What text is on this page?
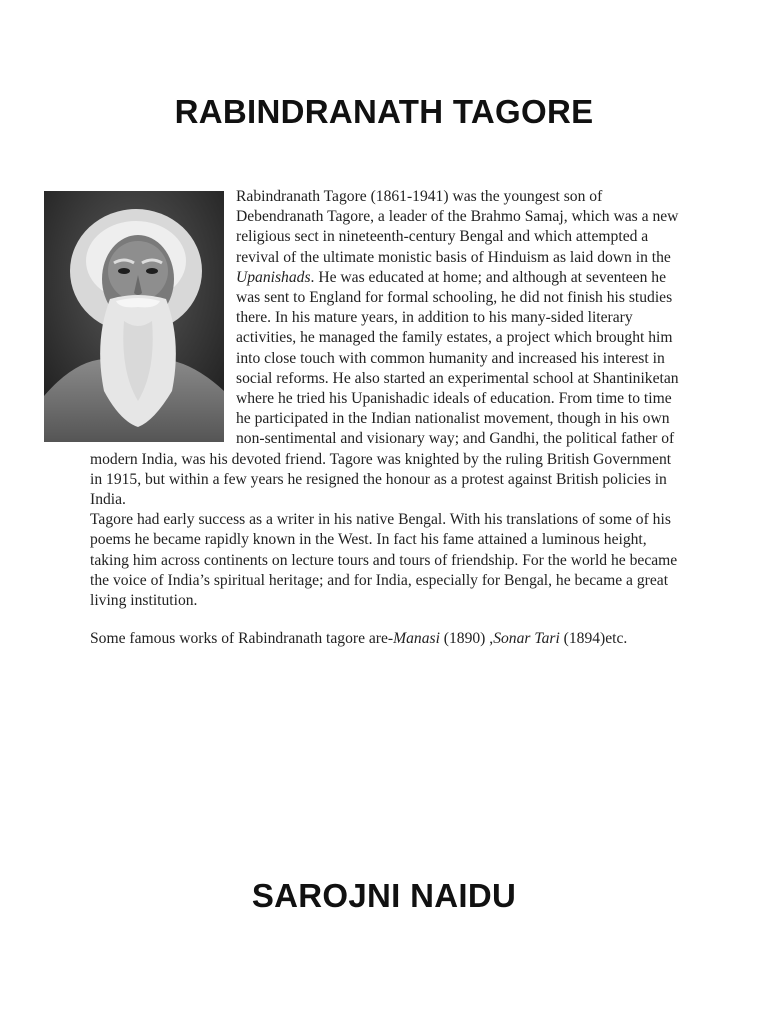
RABINDRANATH TAGORE

Rabindranath Tagore (1861-1941) was the youngest son of Debendranath Tagore, a leader of the Brahmo Samaj, which was a new religious sect in nineteenth-century Bengal and which attempted a revival of the ultimate monistic basis of Hinduism as laid down in the Upanishads. He was educated at home; and although at seventeen he was sent to England for formal schooling, he did not finish his studies there. In his mature years, in addition to his many-sided literary activities, he managed the family estates, a project which brought him into close touch with common humanity and increased his interest in social reforms. He also started an experimental school at Shantiniketan where he tried his Upanishadic ideals of education. From time to time he participated in the Indian nationalist movement, though in his own non-sentimental and visionary way; and Gandhi, the political father of modern India, was his devoted friend. Tagore was knighted by the ruling British Government in 1915, but within a few years he resigned the honour as a protest against British policies in India.

Tagore had early success as a writer in his native Bengal. With his translations of some of his poems he became rapidly known in the West. In fact his fame attained a luminous height, taking him across continents on lecture tours and tours of friendship. For the world he became the voice of India’s spiritual heritage; and for India, especially for Bengal, he became a great living institution.

Some famous works of Rabindranath tagore are-Manasi (1890) ,Sonar Tari (1894)etc.

SAROJNI NAIDU
